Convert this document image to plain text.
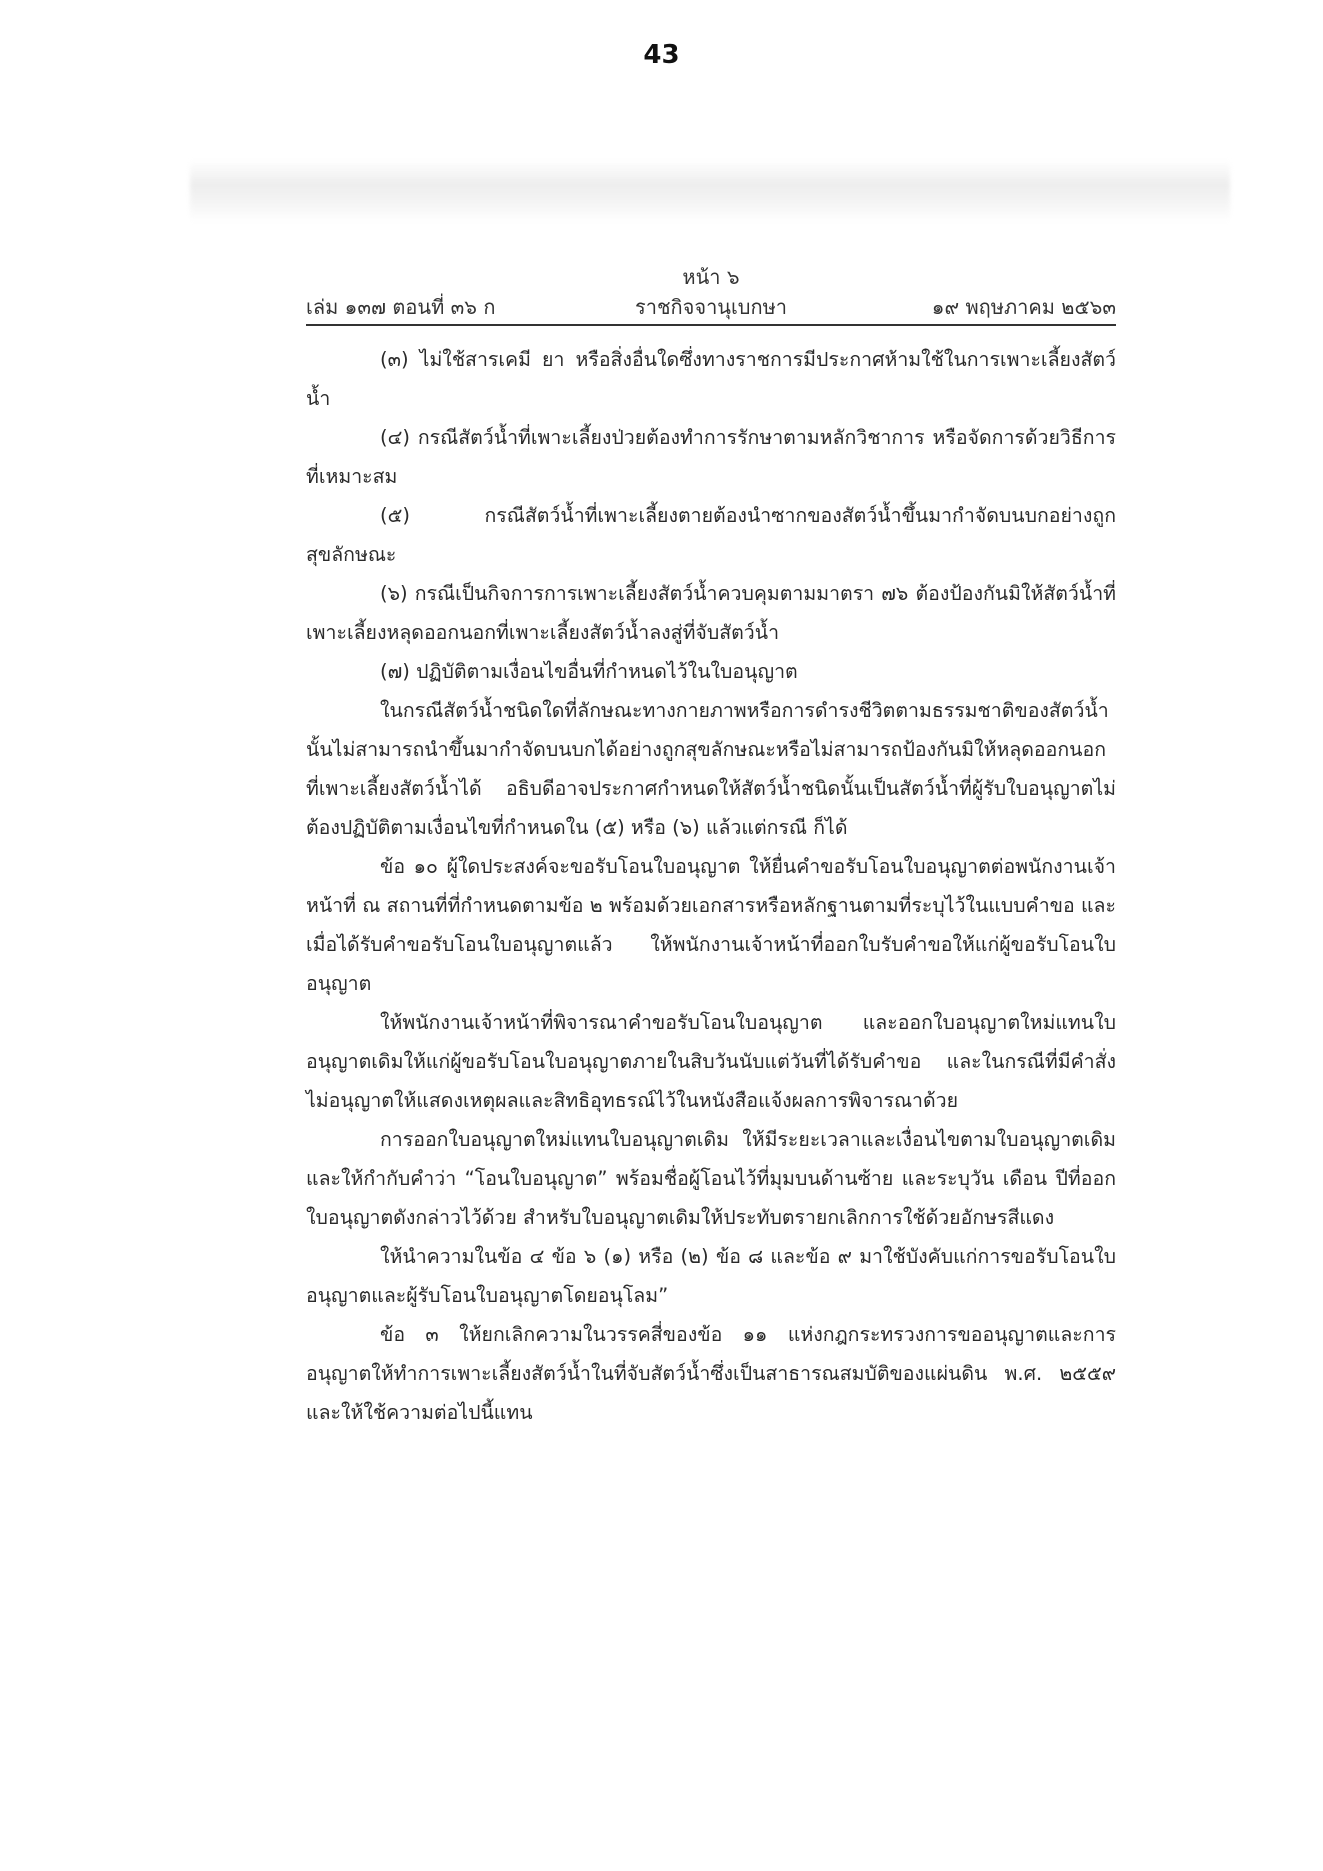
43
หน้า ๖
เล่ม ๑๓๗ ตอนที่ ๓๖ ก	ราชกิจจานุเบกษา	๑๙ พฤษภาคม ๒๕๖๓

(๓) ไม่ใช้สารเคมี ยา หรือสิ่งอื่นใดซึ่งทางราชการมีประกาศห้ามใช้ในการเพาะเลี้ยงสัตว์น้ำ

(๔) กรณีสัตว์น้ำที่เพาะเลี้ยงป่วยต้องทำการรักษาตามหลักวิชาการ หรือจัดการด้วยวิธีการที่เหมาะสม

(๕) กรณีสัตว์น้ำที่เพาะเลี้ยงตายต้องนำซากของสัตว์น้ำขึ้นมากำจัดบนบกอย่างถูกสุขลักษณะ

(๖) กรณีเป็นกิจการการเพาะเลี้ยงสัตว์น้ำควบคุมตามมาตรา ๗๖ ต้องป้องกันมิให้สัตว์น้ำที่เพาะเลี้ยงหลุดออกนอกที่เพาะเลี้ยงสัตว์น้ำลงสู่ที่จับสัตว์น้ำ

(๗) ปฏิบัติตามเงื่อนไขอื่นที่กำหนดไว้ในใบอนุญาต

ในกรณีสัตว์น้ำชนิดใดที่ลักษณะทางกายภาพหรือการดำรงชีวิตตามธรรมชาติของสัตว์น้ำนั้นไม่สามารถนำขึ้นมากำจัดบนบกได้อย่างถูกสุขลักษณะหรือไม่สามารถป้องกันมิให้หลุดออกนอกที่เพาะเลี้ยงสัตว์น้ำได้ อธิบดีอาจประกาศกำหนดให้สัตว์น้ำชนิดนั้นเป็นสัตว์น้ำที่ผู้รับใบอนุญาตไม่ต้องปฏิบัติตามเงื่อนไขที่กำหนดใน (๕) หรือ (๖) แล้วแต่กรณี ก็ได้

ข้อ ๑๐ ผู้ใดประสงค์จะขอรับโอนใบอนุญาต ให้ยื่นคำขอรับโอนใบอนุญาตต่อพนักงานเจ้าหน้าที่ ณ สถานที่ที่กำหนดตามข้อ ๒ พร้อมด้วยเอกสารหรือหลักฐานตามที่ระบุไว้ในแบบคำขอ และเมื่อได้รับคำขอรับโอนใบอนุญาตแล้ว ให้พนักงานเจ้าหน้าที่ออกใบรับคำขอให้แก่ผู้ขอรับโอนใบอนุญาต

ให้พนักงานเจ้าหน้าที่พิจารณาคำขอรับโอนใบอนุญาต และออกใบอนุญาตใหม่แทนใบอนุญาตเดิมให้แก่ผู้ขอรับโอนใบอนุญาตภายในสิบวันนับแต่วันที่ได้รับคำขอ และในกรณีที่มีคำสั่งไม่อนุญาตให้แสดงเหตุผลและสิทธิอุทธรณ์ไว้ในหนังสือแจ้งผลการพิจารณาด้วย

การออกใบอนุญาตใหม่แทนใบอนุญาตเดิม ให้มีระยะเวลาและเงื่อนไขตามใบอนุญาตเดิม และให้กำกับคำว่า “โอนใบอนุญาต” พร้อมชื่อผู้โอนไว้ที่มุมบนด้านซ้าย และระบุวัน เดือน ปีที่ออกใบอนุญาตดังกล่าวไว้ด้วย สำหรับใบอนุญาตเดิมให้ประทับตรายกเลิกการใช้ด้วยอักษรสีแดง

ให้นำความในข้อ ๔ ข้อ ๖ (๑) หรือ (๒) ข้อ ๘ และข้อ ๙ มาใช้บังคับแก่การขอรับโอนใบอนุญาตและผู้รับโอนใบอนุญาตโดยอนุโลม”

ข้อ ๓ ให้ยกเลิกความในวรรคสี่ของข้อ ๑๑ แห่งกฎกระทรวงการขออนุญาตและการอนุญาตให้ทำการเพาะเลี้ยงสัตว์น้ำในที่จับสัตว์น้ำซึ่งเป็นสาธารณสมบัติของแผ่นดิน พ.ศ. ๒๕๕๙ และให้ใช้ความต่อไปนี้แทน
